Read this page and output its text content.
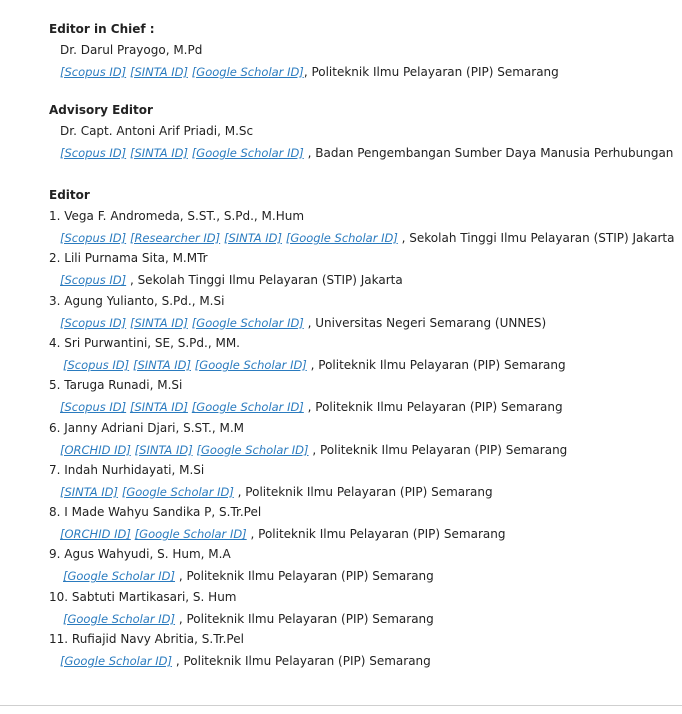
Editor in Chief :
Dr. Darul Prayogo, M.Pd
[Scopus ID] [SINTA ID] [Google Scholar ID], Politeknik Ilmu Pelayaran (PIP) Semarang
Advisory Editor
Dr. Capt. Antoni Arif Priadi, M.Sc
[Scopus ID] [SINTA ID] [Google Scholar ID] , Badan Pengembangan Sumber Daya Manusia Perhubungan
Editor
1. Vega F. Andromeda, S.ST., S.Pd., M.Hum
[Scopus ID] [Researcher ID] [SINTA ID] [Google Scholar ID] , Sekolah Tinggi Ilmu Pelayaran (STIP) Jakarta
2. Lili Purnama Sita, M.MTr
[Scopus ID] , Sekolah Tinggi Ilmu Pelayaran (STIP) Jakarta
3. Agung Yulianto, S.Pd., M.Si
[Scopus ID] [SINTA ID] [Google Scholar ID] , Universitas Negeri Semarang (UNNES)
4. Sri Purwantini, SE, S.Pd., MM.
[Scopus ID] [SINTA ID] [Google Scholar ID] , Politeknik Ilmu Pelayaran (PIP) Semarang
5. Taruga Runadi, M.Si
[Scopus ID] [SINTA ID] [Google Scholar ID] , Politeknik Ilmu Pelayaran (PIP) Semarang
6. Janny Adriani Djari, S.ST., M.M
[ORCHID ID] [SINTA ID] [Google Scholar ID] , Politeknik Ilmu Pelayaran (PIP) Semarang
7. Indah Nurhidayati, M.Si
[SINTA ID] [Google Scholar ID] , Politeknik Ilmu Pelayaran (PIP) Semarang
8. I Made Wahyu Sandika P, S.Tr.Pel
[ORCHID ID] [Google Scholar ID] , Politeknik Ilmu Pelayaran (PIP) Semarang
9. Agus Wahyudi, S. Hum, M.A
[Google Scholar ID] , Politeknik Ilmu Pelayaran (PIP) Semarang
10. Sabtuti Martikasari, S. Hum
[Google Scholar ID] , Politeknik Ilmu Pelayaran (PIP) Semarang
11. Rufiajid Navy Abritia, S.Tr.Pel
[Google Scholar ID] , Politeknik Ilmu Pelayaran (PIP) Semarang
